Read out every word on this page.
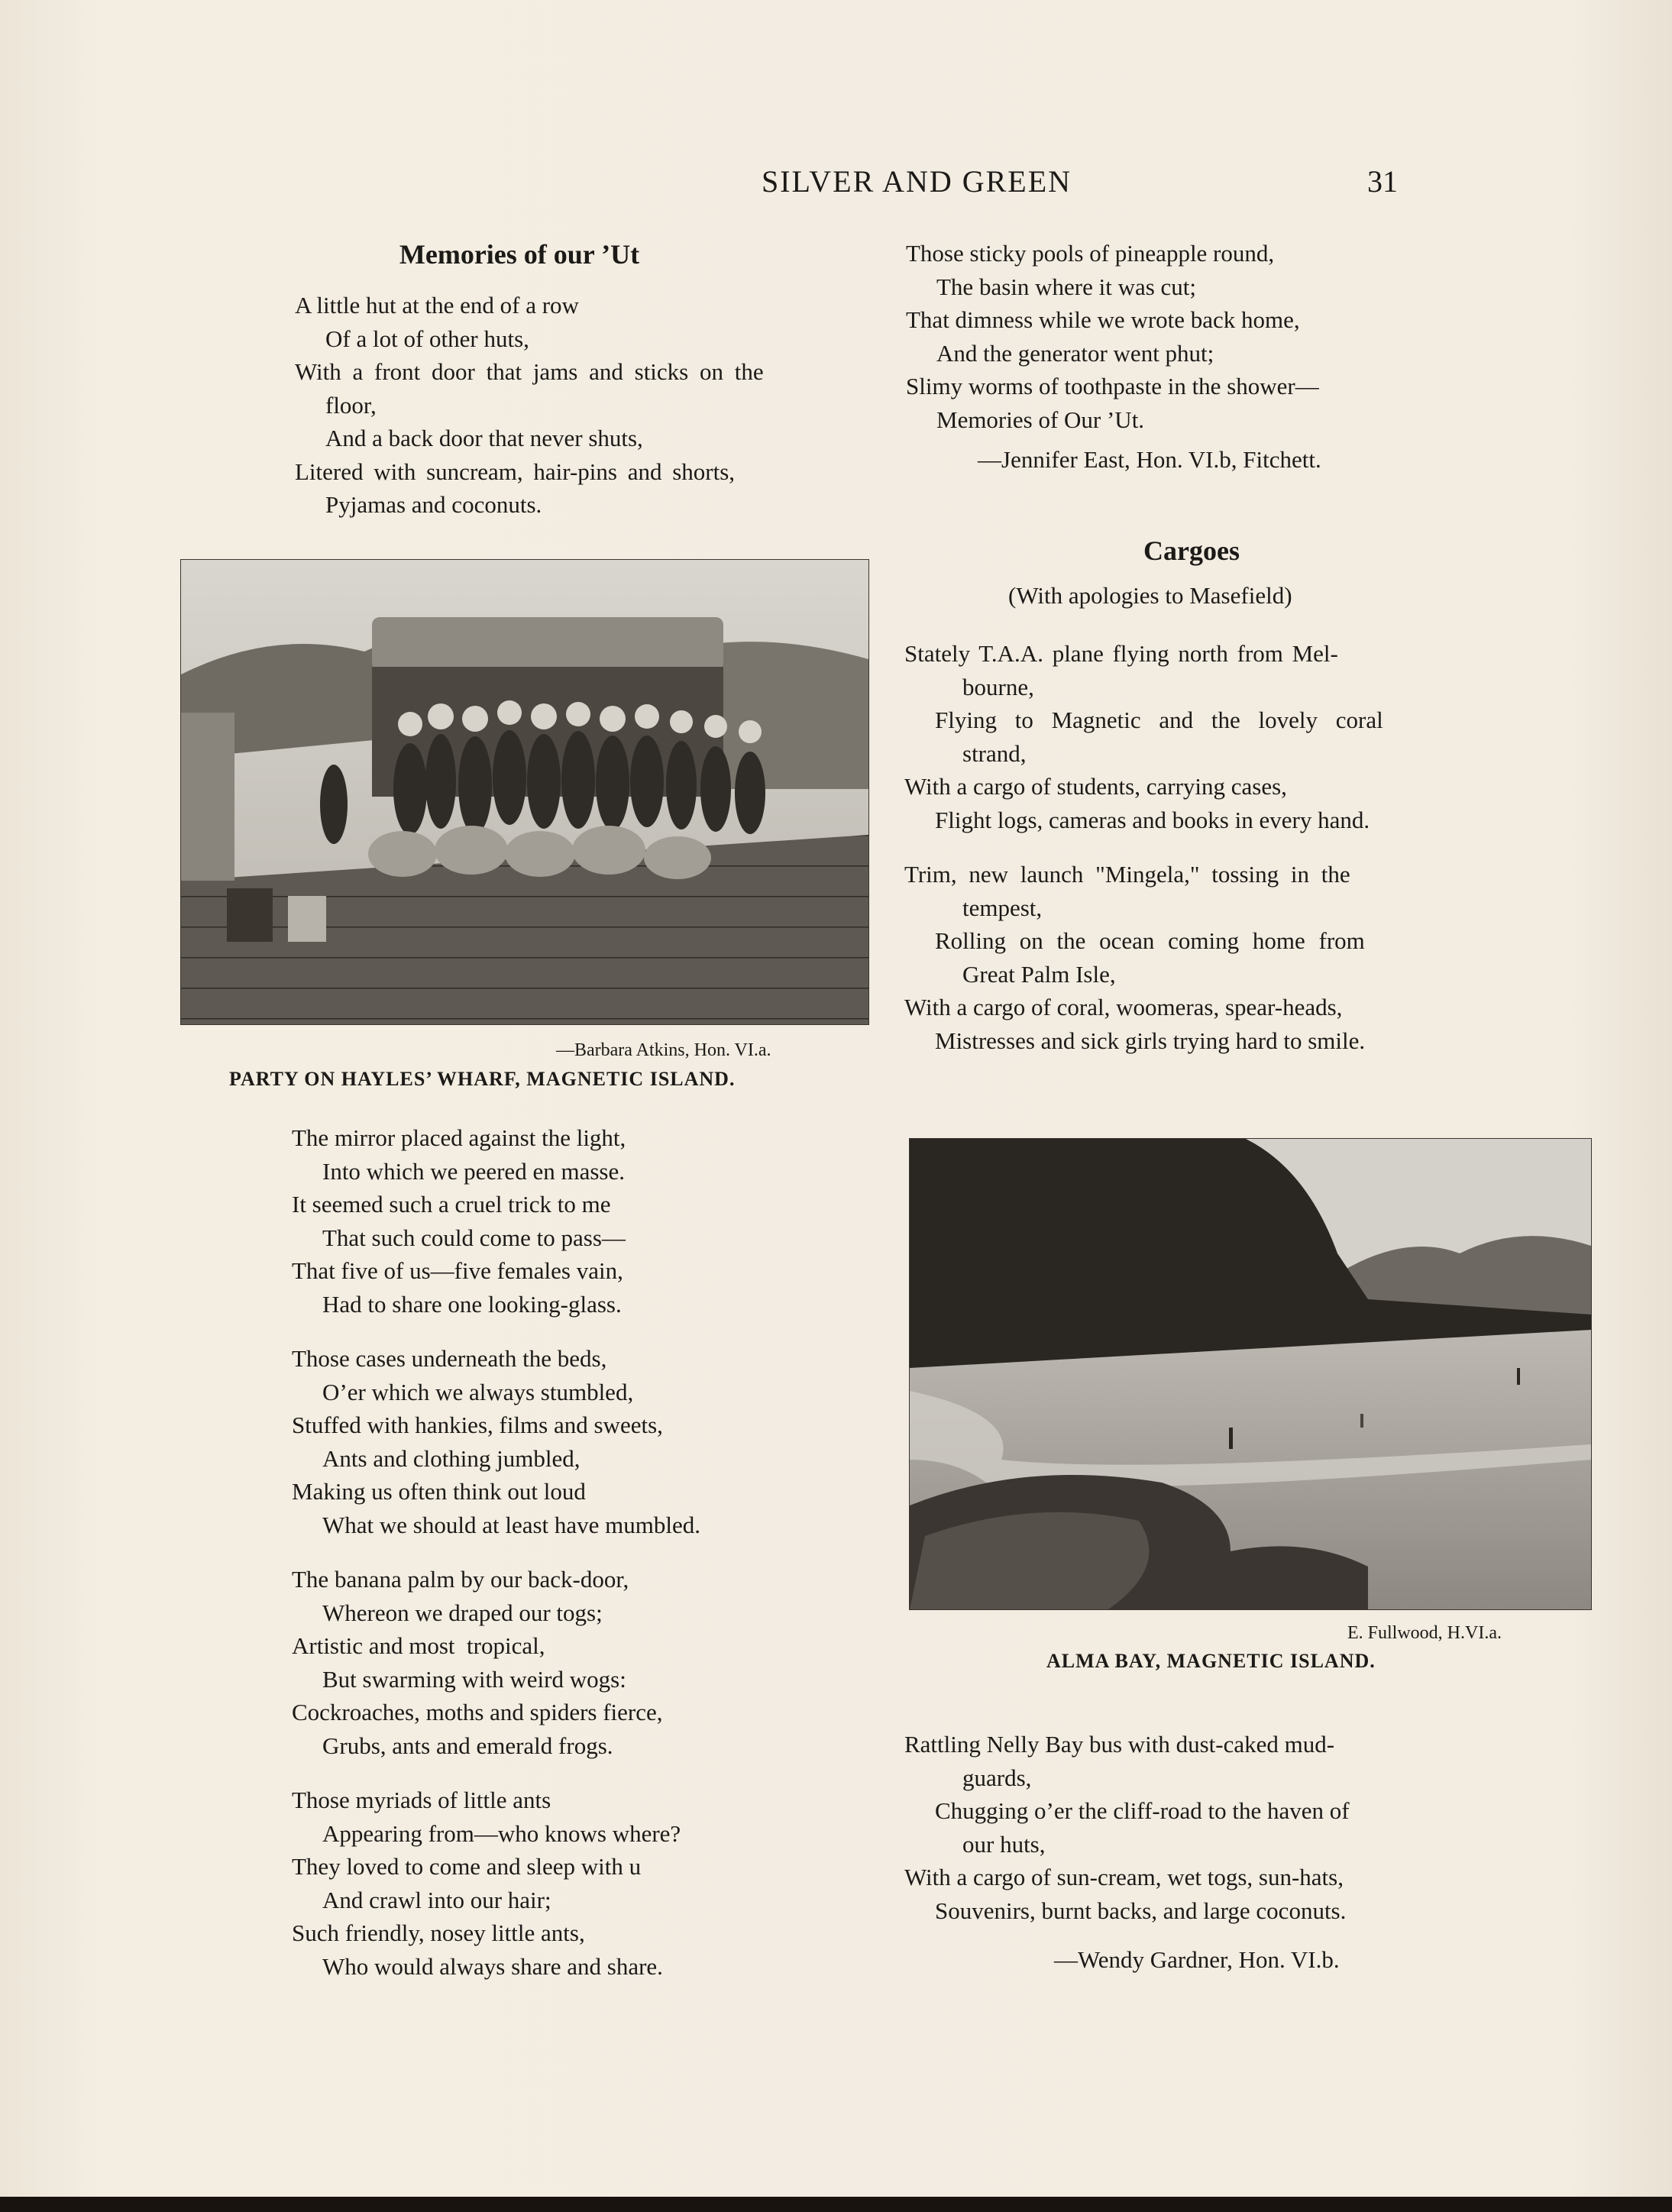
SILVER AND GREEN	31
Memories of our ’Ut
A little hut at the end of a row
Of a lot of other huts,
With a front door that jams and sticks on the
floor,
And a back door that never shuts,
Litered with suncream, hair-pins and shorts,
Pyjamas and coconuts.
—Barbara Atkins, Hon. VI.a.
PARTY ON HAYLES’ WHARF, MAGNETIC ISLAND.
The mirror placed against the light,
Into which we peered en masse.
It seemed such a cruel trick to me
That such could come to pass—
That five of us—five females vain,
Had to share one looking-glass.
Those cases underneath the beds,
O’er which we always stumbled,
Stuffed with hankies, films and sweets,
Ants and clothing jumbled,
Making us often think out loud
What we should at least have mumbled.
The banana palm by our back-door,
Whereon we draped our togs;
Artistic and most  tropical,
But swarming with weird wogs:
Cockroaches, moths and spiders fierce,
Grubs, ants and emerald frogs.
Those myriads of little ants
Appearing from—who knows where?
They loved to come and sleep with u
And crawl into our hair;
Such friendly, nosey little ants,
Who would always share and share.
Those sticky pools of pineapple round,
The basin where it was cut;
That dimness while we wrote back home,
And the generator went phut;
Slimy worms of toothpaste in the shower—
Memories of Our ’Ut.
—Jennifer East, Hon. VI.b, Fitchett.
Cargoes
(With apologies to Masefield)
Stately T.A.A. plane flying north from Mel-
bourne,
Flying to Magnetic and the lovely coral
strand,
With a cargo of students, carrying cases,
Flight logs, cameras and books in every hand.
Trim, new launch "Mingela," tossing in the
tempest,
Rolling on the ocean coming home from
Great Palm Isle,
With a cargo of coral, woomeras, spear-heads,
Mistresses and sick girls trying hard to smile.
E. Fullwood, H.VI.a.
ALMA BAY, MAGNETIC ISLAND.
Rattling Nelly Bay bus with dust-caked mud-
guards,
Chugging o’er the cliff-road to the haven of
our huts,
With a cargo of sun-cream, wet togs, sun-hats,
Souvenirs, burnt backs, and large coconuts.
—Wendy Gardner, Hon. VI.b.
